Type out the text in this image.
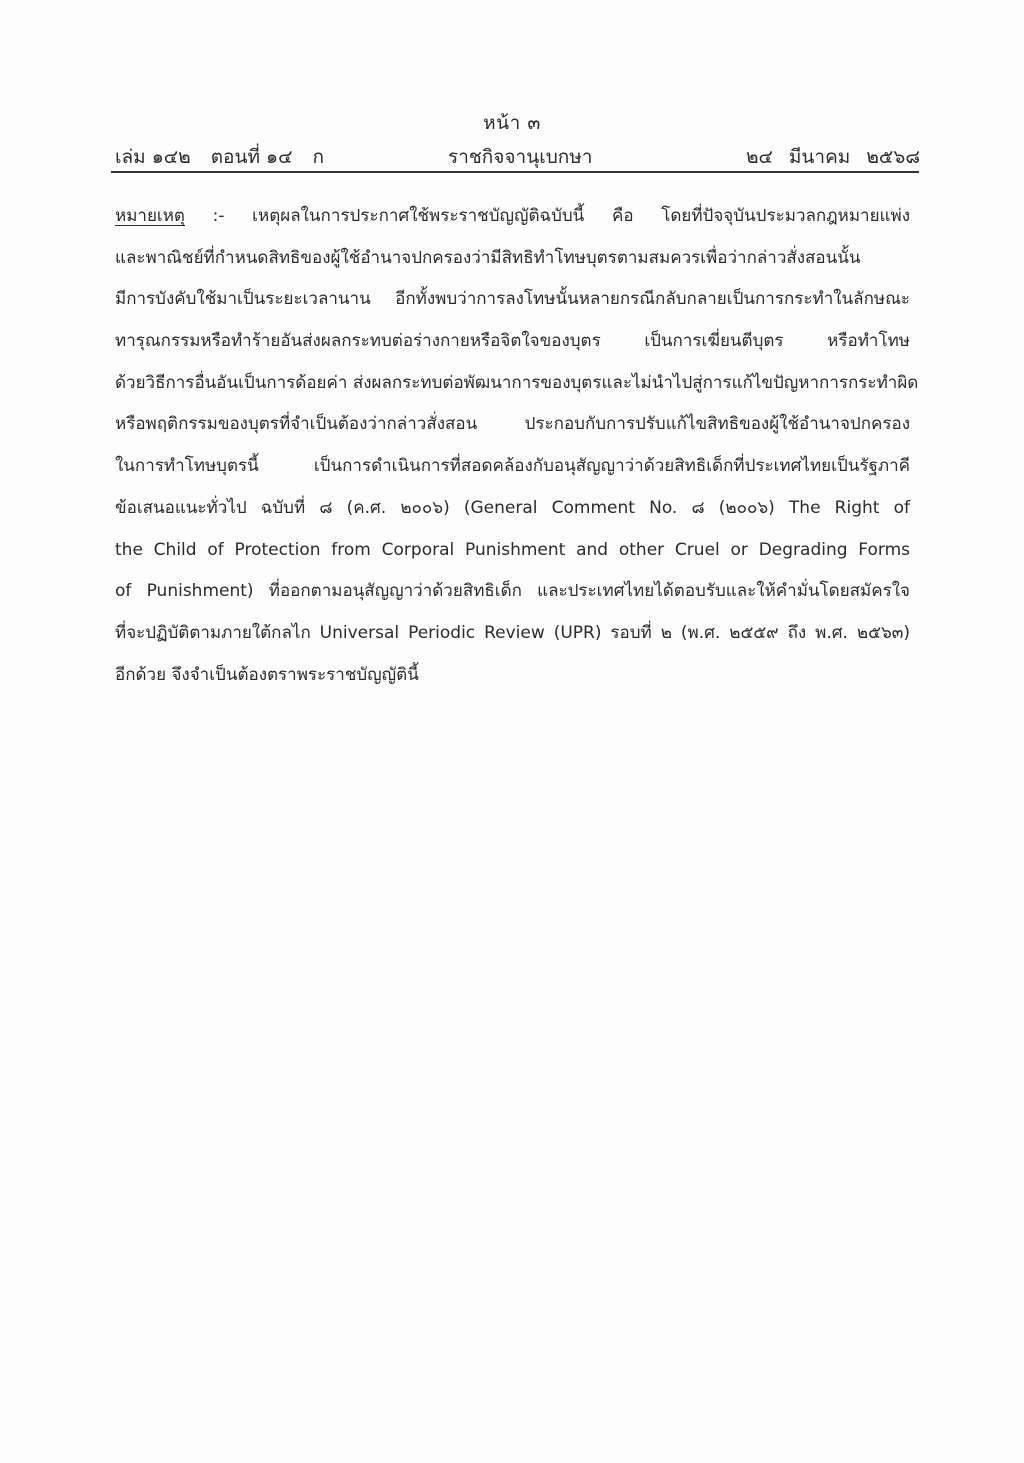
หน้า ๓
เล่ม ๑๔๒ ตอนที่ ๑๔ ก	ราชกิจจานุเบกษา	๒๔ มีนาคม ๒๕๖๘
หมายเหตุ :- เหตุผลในการประกาศใช้พระราชบัญญัติฉบับนี้ คือ โดยที่ปัจจุบันประมวลกฎหมายแพ่ง
และพาณิชย์ที่กำหนดสิทธิของผู้ใช้อำนาจปกครองว่ามีสิทธิทำโทษบุตรตามสมควรเพื่อว่ากล่าวสั่งสอนนั้น
มีการบังคับใช้มาเป็นระยะเวลานาน อีกทั้งพบว่าการลงโทษนั้นหลายกรณีกลับกลายเป็นการกระทำในลักษณะ
ทารุณกรรมหรือทำร้ายอันส่งผลกระทบต่อร่างกายหรือจิตใจของบุตร เป็นการเฆี่ยนตีบุตร หรือทำโทษ
ด้วยวิธีการอื่นอันเป็นการด้อยค่า ส่งผลกระทบต่อพัฒนาการของบุตรและไม่นำไปสู่การแก้ไขปัญหาการกระทำผิด
หรือพฤติกรรมของบุตรที่จำเป็นต้องว่ากล่าวสั่งสอน ประกอบกับการปรับแก้ไขสิทธิของผู้ใช้อำนาจปกครอง
ในการทำโทษบุตรนี้ เป็นการดำเนินการที่สอดคล้องกับอนุสัญญาว่าด้วยสิทธิเด็กที่ประเทศไทยเป็นรัฐภาคี
ข้อเสนอแนะทั่วไป ฉบับที่ ๘ (ค.ศ. ๒๐๐๖) (General Comment No. ๘ (๒๐๐๖) The Right of
the Child of Protection from Corporal Punishment and other Cruel or Degrading Forms
of Punishment) ที่ออกตามอนุสัญญาว่าด้วยสิทธิเด็ก และประเทศไทยได้ตอบรับและให้คำมั่นโดยสมัครใจ
ที่จะปฏิบัติตามภายใต้กลไก Universal Periodic Review (UPR) รอบที่ ๒ (พ.ศ. ๒๕๕๙ ถึง พ.ศ. ๒๕๖๓)
อีกด้วย จึงจำเป็นต้องตราพระราชบัญญัตินี้
